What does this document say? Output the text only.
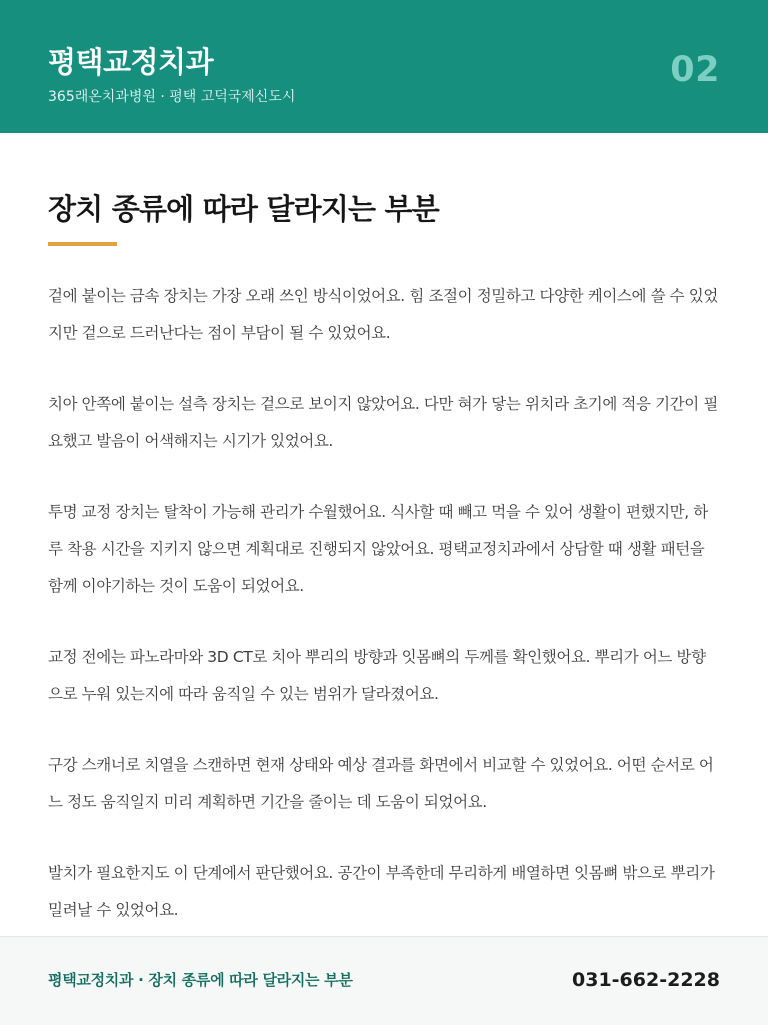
평택교정치과
365래온치과병원 · 평택 고덕국제신도시
02
장치 종류에 따라 달라지는 부분

겉에 붙이는 금속 장치는 가장 오래 쓰인 방식이었어요. 힘 조절이 정밀하고 다양한 케이스에 쓸 수 있었지만 겉으로 드러난다는 점이 부담이 될 수 있었어요.

치아 안쪽에 붙이는 설측 장치는 겉으로 보이지 않았어요. 다만 혀가 닿는 위치라 초기에 적응 기간이 필요했고 발음이 어색해지는 시기가 있었어요.

투명 교정 장치는 탈착이 가능해 관리가 수월했어요. 식사할 때 빼고 먹을 수 있어 생활이 편했지만, 하루 착용 시간을 지키지 않으면 계획대로 진행되지 않았어요. 평택교정치과에서 상담할 때 생활 패턴을 함께 이야기하는 것이 도움이 되었어요.

교정 전에는 파노라마와 3D CT로 치아 뿌리의 방향과 잇몸뼈의 두께를 확인했어요. 뿌리가 어느 방향으로 누워 있는지에 따라 움직일 수 있는 범위가 달라졌어요.

구강 스캐너로 치열을 스캔하면 현재 상태와 예상 결과를 화면에서 비교할 수 있었어요. 어떤 순서로 어느 정도 움직일지 미리 계획하면 기간을 줄이는 데 도움이 되었어요.

발치가 필요한지도 이 단계에서 판단했어요. 공간이 부족한데 무리하게 배열하면 잇몸뼈 밖으로 뿌리가 밀려날 수 있었어요.

평택교정치과 · 장치 종류에 따라 달라지는 부분	031-662-2228
